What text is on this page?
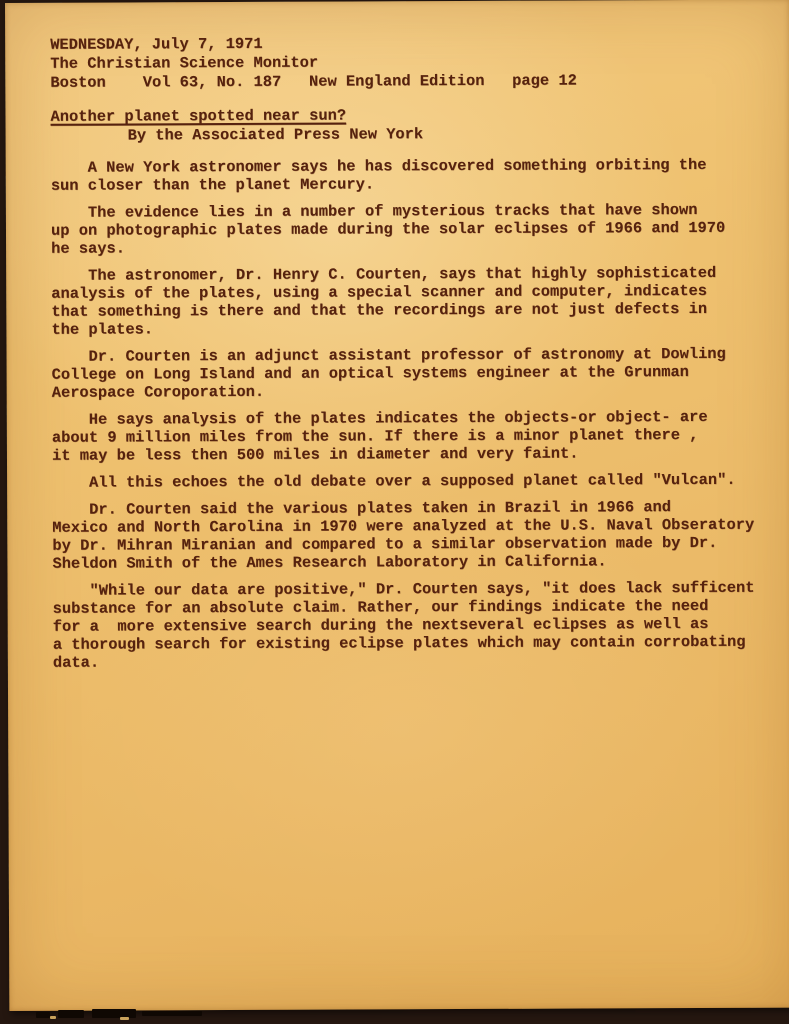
WEDNESDAY, July 7, 1971
The Christian Science Monitor
Boston    Vol 63, No. 187   New England Edition   page 12
Another planet spotted near sun?
By the Associated Press New York
A New York astronomer says he has discovered something orbiting the
sun closer than the planet Mercury.
The evidence lies in a number of mysterious tracks that have shown
up on photographic plates made during the solar eclipses of 1966 and 1970
he says.
The astronomer, Dr. Henry C. Courten, says that highly sophisticated
analysis of the plates, using a special scanner and computer, indicates
that something is there and that the recordings are not just defects in
the plates.
Dr. Courten is an adjunct assistant professor of astronomy at Dowling
College on Long Island and an optical systems engineer at the Grunman
Aerospace Coroporation.
He says analysis of the plates indicates the objects-or object- are
about 9 million miles from the sun. If there is a minor planet there ,
it may be less then 500 miles in diameter and very faint.
All this echoes the old debate over a supposed planet called "Vulcan".
Dr. Courten said the various plates taken in Brazil in 1966 and
Mexico and North Carolina in 1970 were analyzed at the U.S. Naval Obseratory
by Dr. Mihran Miranian and compared to a similar observation made by Dr.
Sheldon Smith of the Ames Research Laboratory in California.
"While our data are positive," Dr. Courten says, "it does lack sufficent
substance for an absolute claim. Rather, our findings indicate the need
for a  more extensive search during the nextseveral eclipses as well as
a thorough search for existing eclipse plates which may contain corrobating
data.
